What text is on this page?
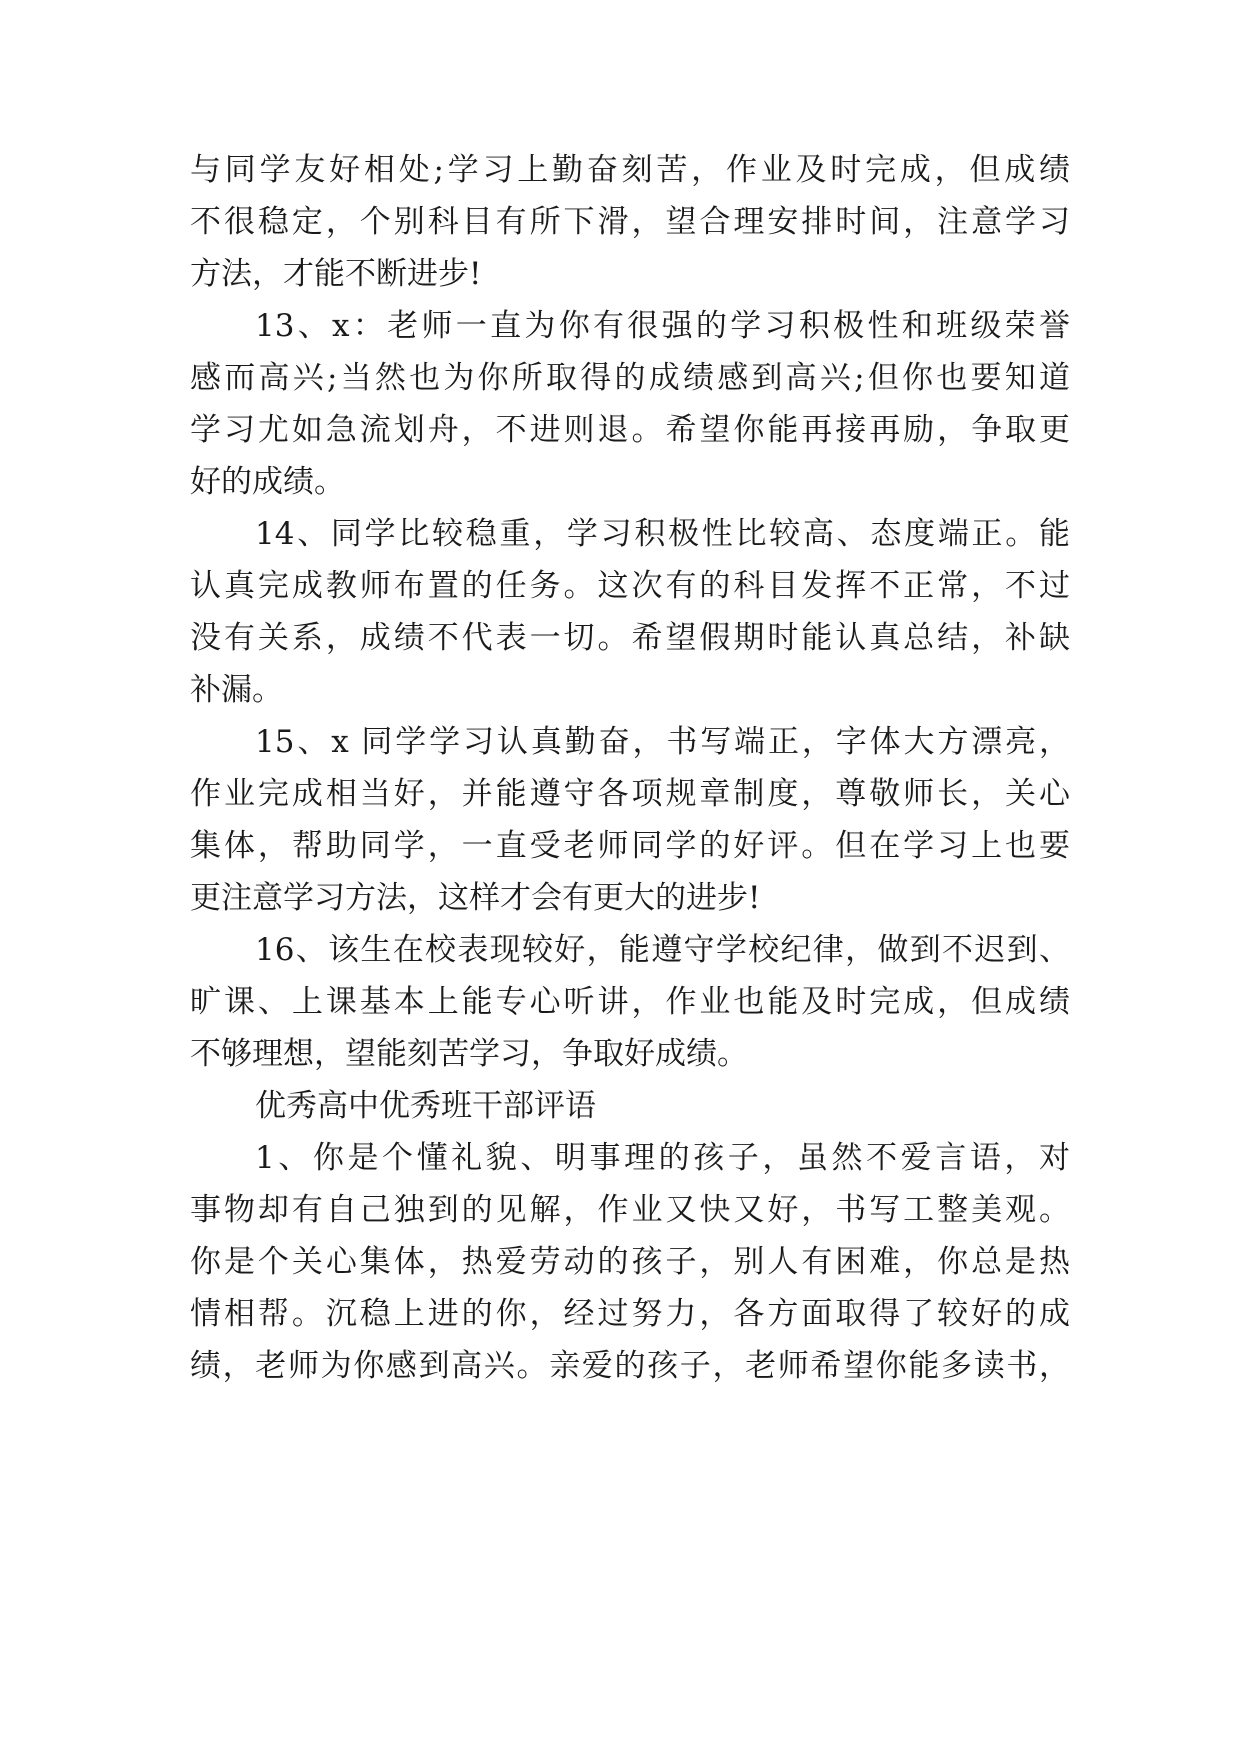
与同学友好相处;学习上勤奋刻苦，作业及时完成，但成绩
不很稳定，个别科目有所下滑，望合理安排时间，注意学习
方法，才能不断进步!
13、x：老师一直为你有很强的学习积极性和班级荣誉
感而高兴;当然也为你所取得的成绩感到高兴;但你也要知道
学习尤如急流划舟，不进则退。希望你能再接再励，争取更
好的成绩。
14、同学比较稳重，学习积极性比较高、态度端正。能
认真完成教师布置的任务。这次有的科目发挥不正常，不过
没有关系，成绩不代表一切。希望假期时能认真总结，补缺
补漏。
15、x 同学学习认真勤奋，书写端正，字体大方漂亮，
作业完成相当好，并能遵守各项规章制度，尊敬师长，关心
集体，帮助同学，一直受老师同学的好评。但在学习上也要
更注意学习方法，这样才会有更大的进步!
16、该生在校表现较好，能遵守学校纪律，做到不迟到、
旷课、上课基本上能专心听讲，作业也能及时完成，但成绩
不够理想，望能刻苦学习，争取好成绩。
优秀高中优秀班干部评语
1、你是个懂礼貌、明事理的孩子，虽然不爱言语，对
事物却有自己独到的见解，作业又快又好，书写工整美观。
你是个关心集体，热爱劳动的孩子，别人有困难，你总是热
情相帮。沉稳上进的你，经过努力，各方面取得了较好的成
绩，老师为你感到高兴。亲爱的孩子，老师希望你能多读书，
